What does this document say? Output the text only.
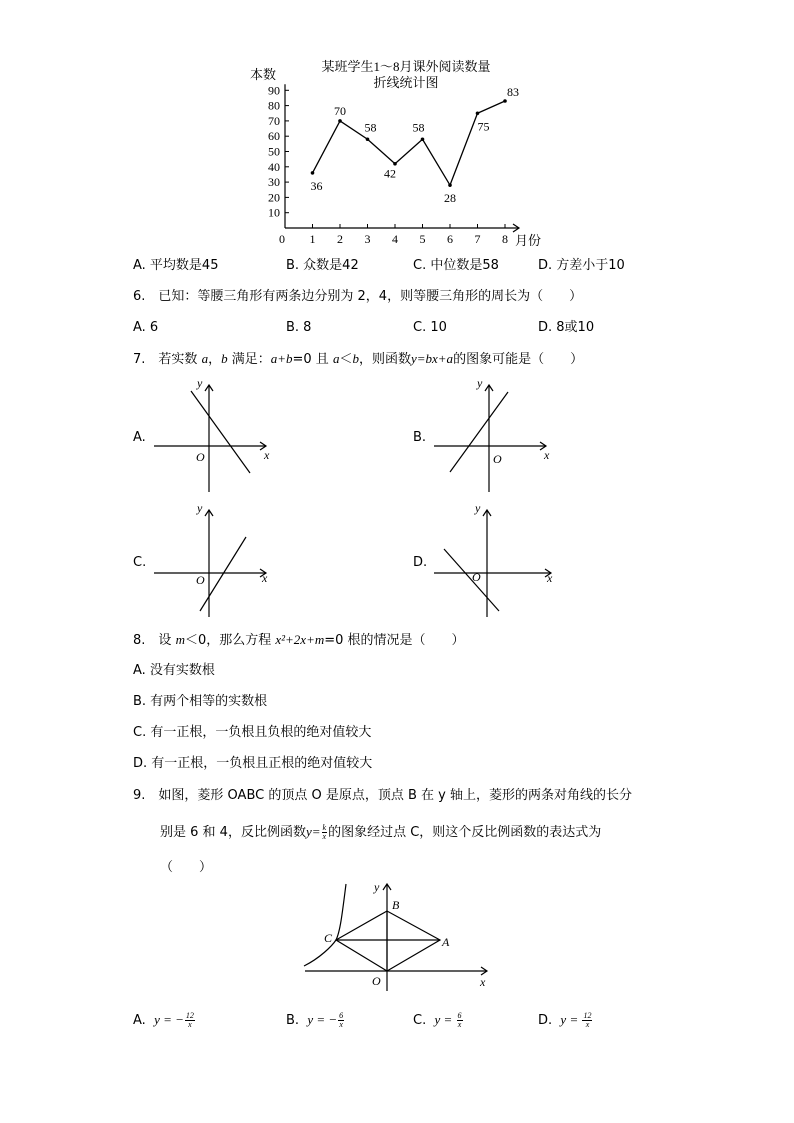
某班学生1～8月课外阅读数量
折线统计图
本数
月份
10
20
30
40
50
60
70
80
90
0 1 2 3 4 5 6 7 8
36
70
58
42
58
28
75
83
A. 平均数是45	B. 众数是42	C. 中位数是58	D. 方差小于10
6.　已知：等腰三角形有两条边分别为 2，4，则等腰三角形的周长为（　　）
A. 6	B. 8	C. 10	D. 8或10
7.　 若实数 a，b 满足：a+b=0 且 a＜b，则函数y=bx+a的图象可能是（　　）
A.
y
x
O
B.
y
x
O
C.
y
x
O
D.
y
x
O
8.　 设 m＜0，那么方程 x²+2x+m=0 根的情况是（　　）
A. 没有实数根
B. 有两个相等的实数根
C. 有一正根，一负根且负根的绝对值较大
D. 有一正根，一负根且正根的绝对值较大
9.　 如图，菱形 OABC 的顶点 O 是原点，顶点 B 在 y 轴上，菱形的两条对角线的长分
别是 6 和 4，反比例函数$y= \frac{k}{x}$ 的图象经过点 C，则这个反比例函数的表达式为
（　　）
y
B
C	A
O	x
A. y = − $\frac{12}{x}$	B. y = − $\frac{6}{x}$	C. $y = \frac{6}{x}$	D. $y = \frac{12}{x}$
